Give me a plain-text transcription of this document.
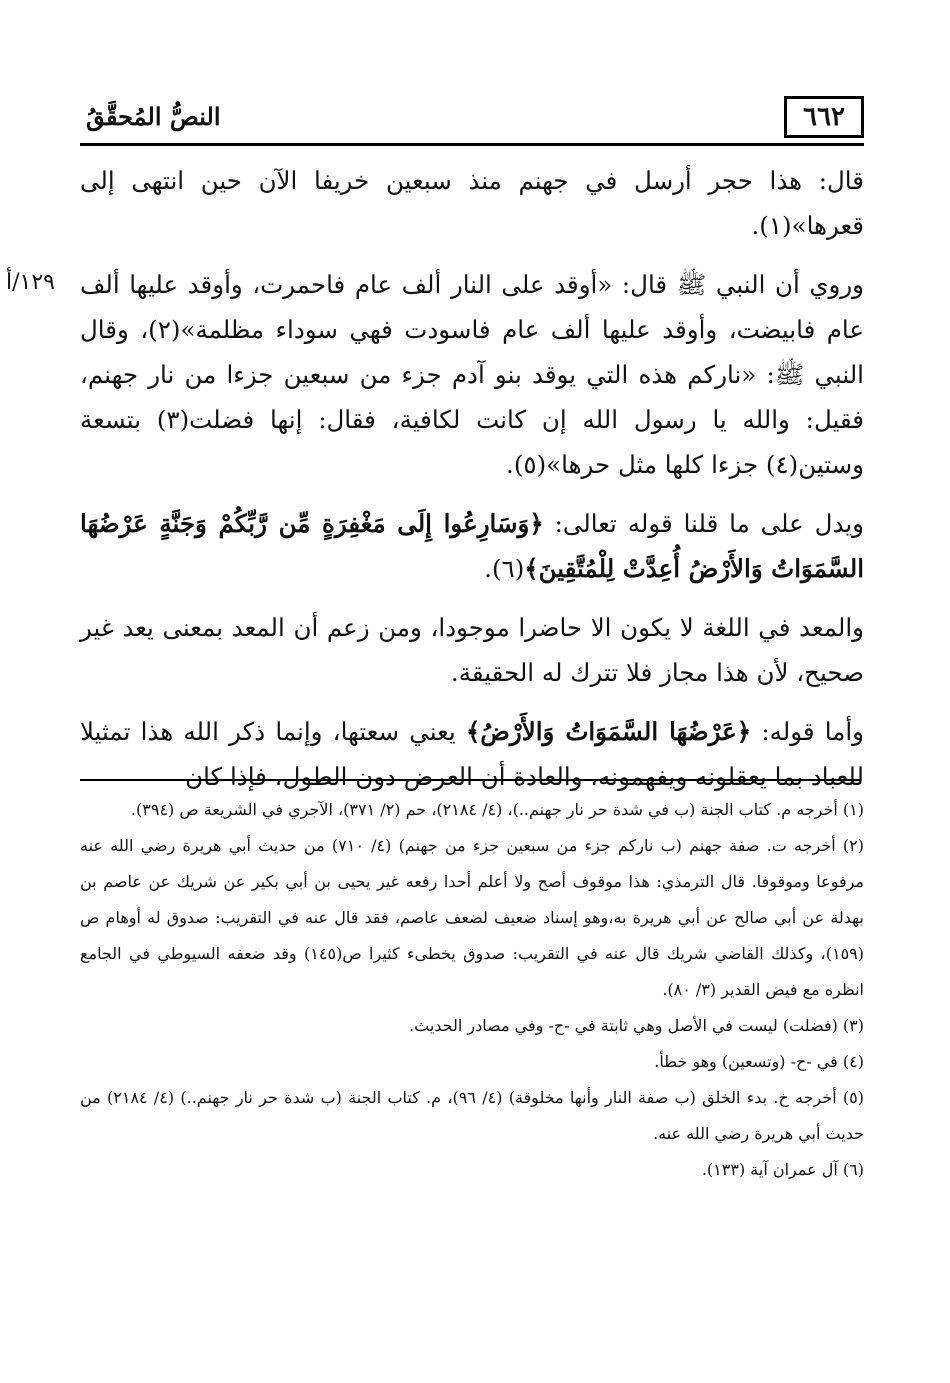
٦٦٢
النصُّ المُحقَّقُ
١٢٩/أ

قال: هذا حجر أرسل في جهنم منذ سبعين خريفا الآن حين انتهى إلى قعرها»(١).

وروي أن النبي ﷺ قال: «أوقد على النار ألف عام فاحمرت، وأوقد عليها ألف عام فابيضت، وأوقد عليها ألف عام فاسودت فهي سوداء مظلمة»(٢)، وقال النبي ﷺ: «ناركم هذه التي يوقد بنو آدم جزء من سبعين جزءا من نار جهنم، فقيل: والله يا رسول الله إن كانت لكافية، فقال: إنها فضلت(٣) بتسعة وستين(٤) جزءا كلها مثل حرها»(٥).

ويدل على ما قلنا قوله تعالى: ﴿وَسَارِعُوا إِلَى مَغْفِرَةٍ مِّن رَّبِّكُمْ وَجَنَّةٍ عَرْضُهَا السَّمَوَاتُ وَالأَرْضُ أُعِدَّتْ لِلْمُتَّقِينَ﴾(٦).

والمعد في اللغة لا يكون الا حاضرا موجودا، ومن زعم أن المعد بمعنى يعد غير صحيح، لأن هذا مجاز فلا تترك له الحقيقة.

وأما قوله: ﴿عَرْضُهَا السَّمَوَاتُ وَالأَرْضُ﴾ يعني سعتها، وإنما ذكر الله هذا تمثيلا للعباد بما يعقلونه ويفهمونه، والعادة أن العرض دون الطول، فإذا كان

(١) أخرجه م. كتاب الجنة (ب في شدة حر نار جهنم..)، (٤/ ٢١٨٤)، حم (٢/ ٣٧١)، الآجري في الشريعة ص (٣٩٤).

(٢) أخرجه ت. صفة جهنم (ب ناركم جزء من سبعين جزء من جهنم) (٤/ ٧١٠) من حديث أبي هريرة رضي الله عنه مرفوعا وموقوفا. قال الترمذي: هذا موقوف أصح ولا أعلم أحدا رفعه غير يحيى بن أبي بكير عن شريك عن عاصم بن بهدلة عن أبي صالح عن أبي هريرة به،وهو إسناد ضعيف لضعف عاصم، فقد قال عنه في التقريب: صدوق له أوهام ص (١٥٩)، وكذلك القاضي شريك قال عنه في التقريب: صدوق يخطىء كثيرا ص(١٤٥) وقد ضعفه السيوطي في الجامع انظره مع فيض القدير (٣/ ٨٠).

(٣) (فضلت) ليست في الأصل وهي ثابتة في -ح- وفي مصادر الحديث.

(٤) في -ح- (وتسعين) وهو خطأ.

(٥) أخرجه خ. بدء الخلق (ب صفة النار وأنها مخلوقة) (٤/ ٩٦)، م. كتاب الجنة (ب شدة حر نار جهنم..) (٤/ ٢١٨٤) من حديث أبي هريرة رضي الله عنه.

(٦) آل عمران آية (١٣٣).
